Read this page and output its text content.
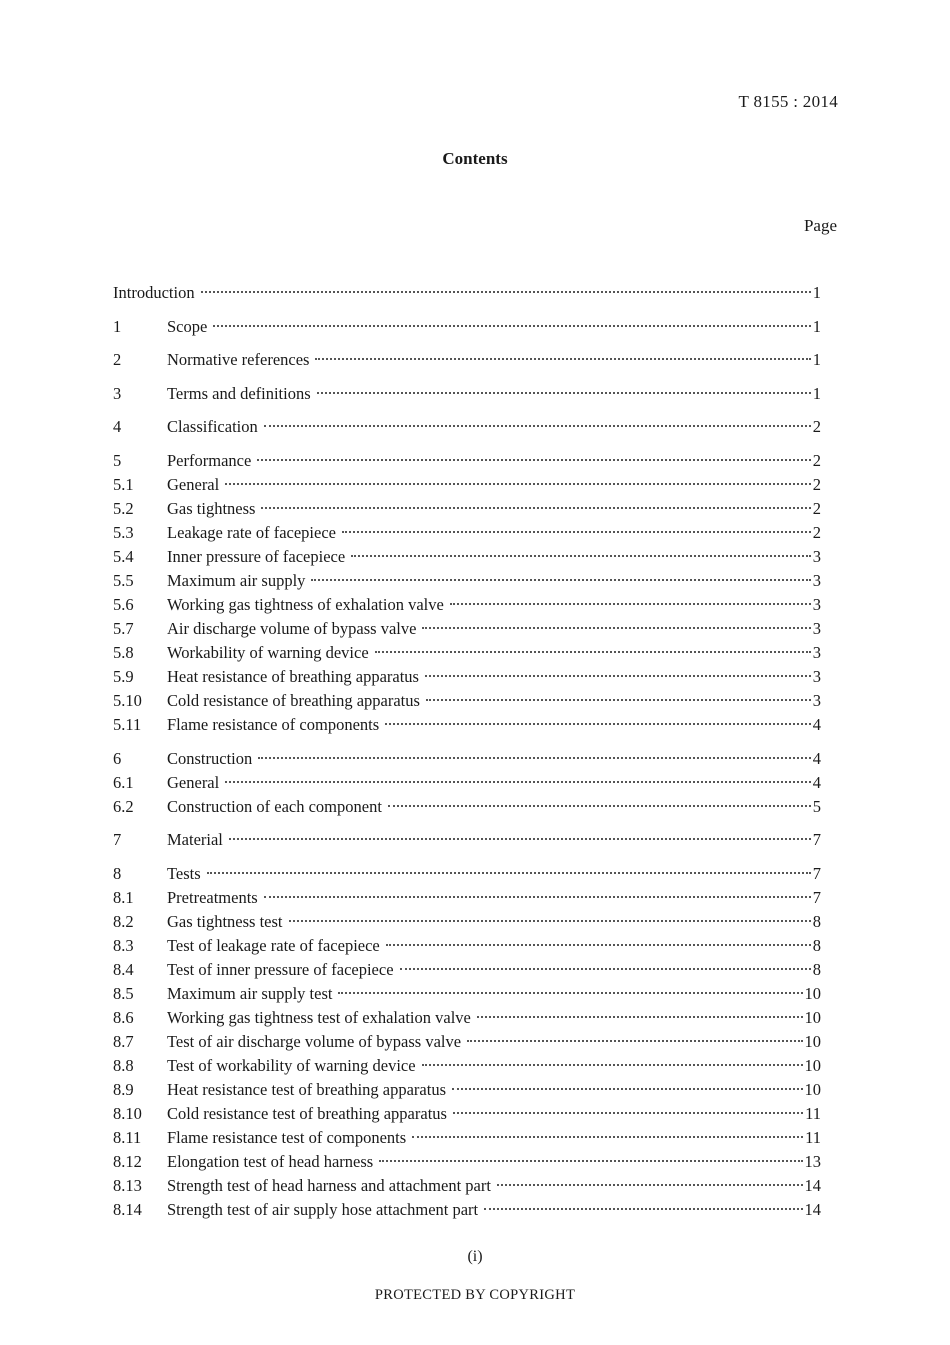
T 8155 : 2014
Contents
Page
Introduction	1
1	Scope	1
2	Normative references	1
3	Terms and definitions	1
4	Classification	2
5	Performance	2
5.1	General	2
5.2	Gas tightness	2
5.3	Leakage rate of facepiece	2
5.4	Inner pressure of facepiece	3
5.5	Maximum air supply	3
5.6	Working gas tightness of exhalation valve	3
5.7	Air discharge volume of bypass valve	3
5.8	Workability of warning device	3
5.9	Heat resistance of breathing apparatus	3
5.10	Cold resistance of breathing apparatus	3
5.11	Flame resistance of components	4
6	Construction	4
6.1	General	4
6.2	Construction of each component	5
7	Material	7
8	Tests	7
8.1	Pretreatments	7
8.2	Gas tightness test	8
8.3	Test of leakage rate of facepiece	8
8.4	Test of inner pressure of facepiece	8
8.5	Maximum air supply test	10
8.6	Working gas tightness test of exhalation valve	10
8.7	Test of air discharge volume of bypass valve	10
8.8	Test of workability of warning device	10
8.9	Heat resistance test of breathing apparatus	10
8.10	Cold resistance test of breathing apparatus	11
8.11	Flame resistance test of components	11
8.12	Elongation test of head harness	13
8.13	Strength test of head harness and attachment part	14
8.14	Strength test of air supply hose attachment part	14
(i)
PROTECTED BY COPYRIGHT
